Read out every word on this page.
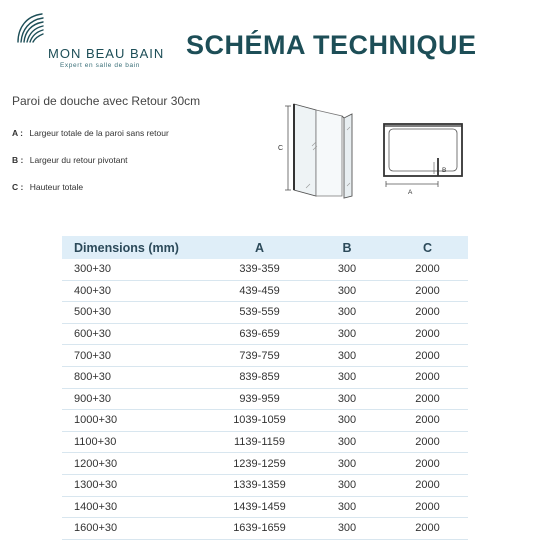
MON BEAU BAIN
Expert en salle de bain
SCHÉMA TECHNIQUE
Paroi de douche avec Retour 30cm
A : Largeur totale de la paroi sans retour
B : Largeur du retour pivotant
C : Hauteur totale
C
B
A
Dimensions (mm)	A	B	C
300+30	339-359	300	2000
400+30	439-459	300	2000
500+30	539-559	300	2000
600+30	639-659	300	2000
700+30	739-759	300	2000
800+30	839-859	300	2000
900+30	939-959	300	2000
1000+30	1039-1059	300	2000
1100+30	1139-1159	300	2000
1200+30	1239-1259	300	2000
1300+30	1339-1359	300	2000
1400+30	1439-1459	300	2000
1600+30	1639-1659	300	2000
